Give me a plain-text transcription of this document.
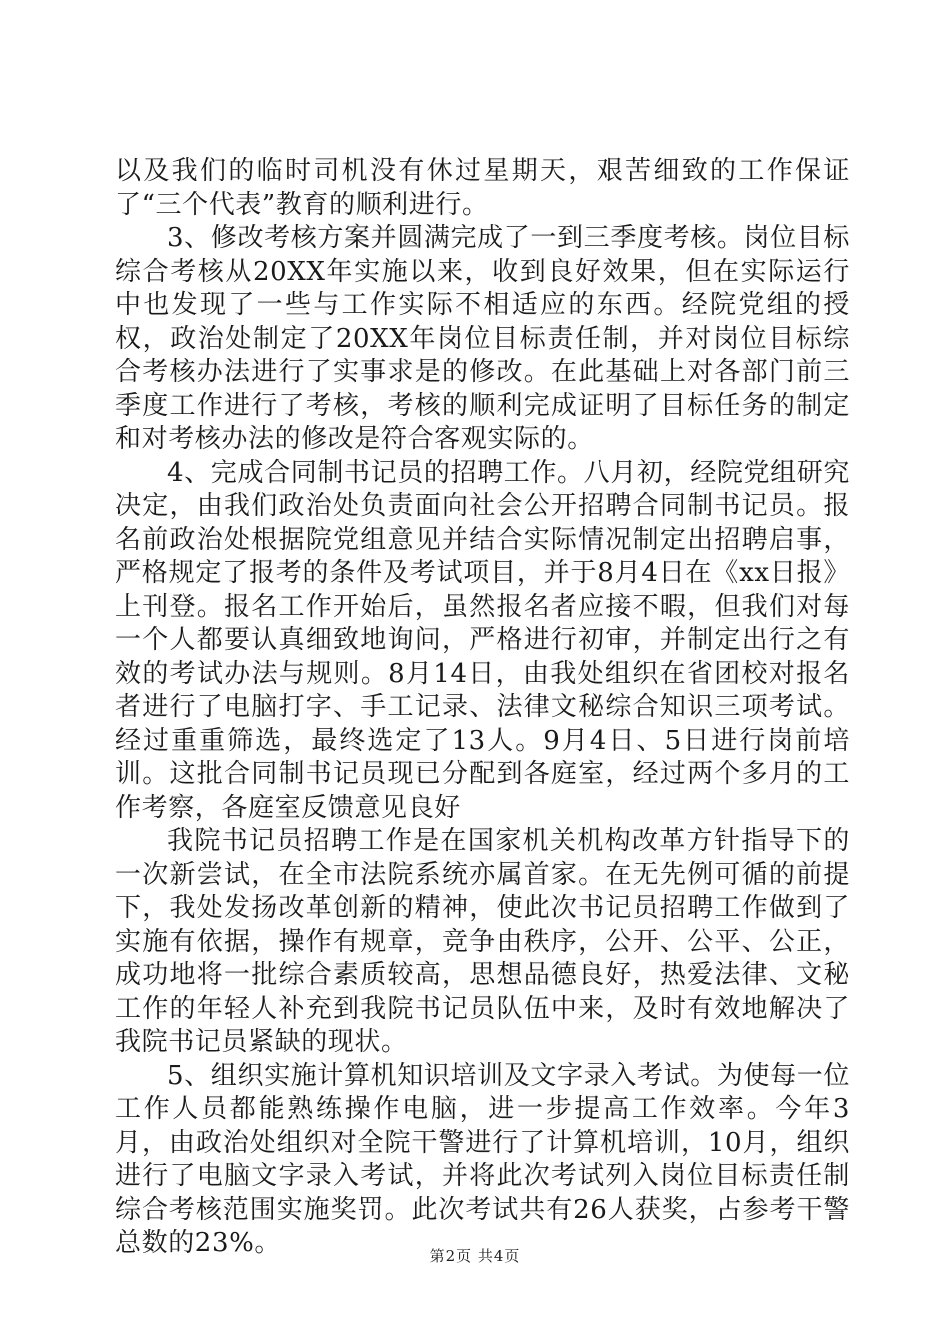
以及我们的临时司机没有休过星期天，艰苦细致的工作保证了“三个代表”教育的顺利进行。

3、修改考核方案并圆满完成了一到三季度考核。岗位目标综合考核从20XX年实施以来，收到良好效果，但在实际运行中也发现了一些与工作实际不相适应的东西。经院党组的授权，政治处制定了20XX年岗位目标责任制，并对岗位目标综合考核办法进行了实事求是的修改。在此基础上对各部门前三季度工作进行了考核，考核的顺利完成证明了目标任务的制定和对考核办法的修改是符合客观实际的。

4、完成合同制书记员的招聘工作。八月初，经院党组研究决定，由我们政治处负责面向社会公开招聘合同制书记员。报名前政治处根据院党组意见并结合实际情况制定出招聘启事，严格规定了报考的条件及考试项目，并于8月4日在《xx日报》上刊登。报名工作开始后，虽然报名者应接不暇，但我们对每一个人都要认真细致地询问，严格进行初审，并制定出行之有效的考试办法与规则。8月14日，由我处组织在省团校对报名者进行了电脑打字、手工记录、法律文秘综合知识三项考试。经过重重筛选，最终选定了13人。9月4日、5日进行岗前培训。这批合同制书记员现已分配到各庭室，经过两个多月的工作考察，各庭室反馈意见良好

我院书记员招聘工作是在国家机关机构改革方针指导下的一次新尝试，在全市法院系统亦属首家。在无先例可循的前提下，我处发扬改革创新的精神，使此次书记员招聘工作做到了实施有依据，操作有规章，竞争由秩序，公开、公平、公正，成功地将一批综合素质较高，思想品德良好，热爱法律、文秘工作的年轻人补充到我院书记员队伍中来，及时有效地解决了我院书记员紧缺的现状。

5、组织实施计算机知识培训及文字录入考试。为使每一位工作人员都能熟练操作电脑，进一步提高工作效率。今年3月，由政治处组织对全院干警进行了计算机培训，10月，组织进行了电脑文字录入考试，并将此次考试列入岗位目标责任制综合考核范围实施奖罚。此次考试共有26人获奖，占参考干警总数的23%。	第2页 共4页
